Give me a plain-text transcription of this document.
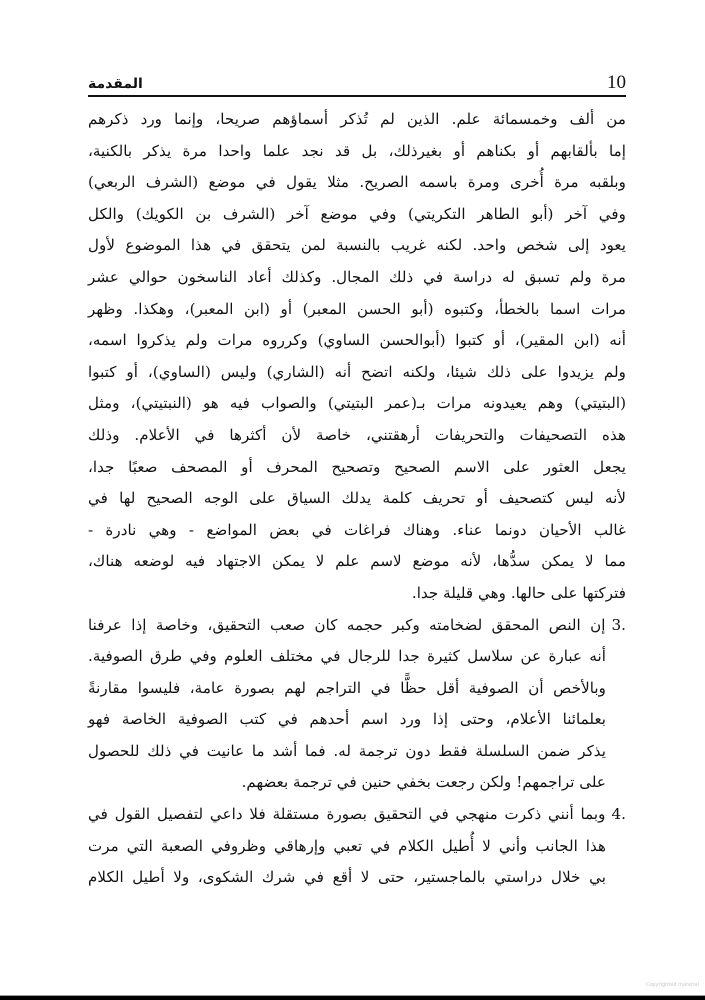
المقدمة	10
من ألف وخمسمائة علم. الذين لم تُذكر أسماؤهم صريحا، وإنما ورد ذكرهم
إما بألقابهم أو بكناهم أو بغيرذلك، بل قد نجد علما واحدا مرة يذكر بالكنية،
وبلقبه مرة أُخرى ومرة باسمه الصريح. مثلا يقول في موضع (الشرف الربعي)
وفي آخر (أبو الطاهر التكريتي) وفي موضع آخر (الشرف بن الكويك) والكل
يعود إلى شخص واحد. لكنه غريب بالنسبة لمن يتحقق في هذا الموضوع لأول
مرة ولم تسبق له دراسة في ذلك المجال. وكذلك أعاد الناسخون حوالي عشر
مرات اسما بالخطأ، وكتبوه (أبو الحسن المعبر) أو (ابن المعبر)، وهكذا. وظهر
أنه (ابن المقير)، أو كتبوا (أبوالحسن الساوي) وكرروه مرات ولم يذكروا اسمه،
ولم يزيدوا على ذلك شيئا، ولكنه اتضح أنه (الشاري) وليس (الساوي)، أو كتبوا
(البتيتي) وهم يعيدونه مرات بـ(عمر البتيتي) والصواب فيه هو (النبتيتي)، ومثل
هذه التصحيفات والتحريفات أرهقتني، خاصة لأن أكثرها في الأعلام. وذلك
يجعل العثور على الاسم الصحيح وتصحيح المحرف أو المصحف صعبًا جدا،
لأنه ليس كتصحيف أو تحريف كلمة يدلك السياق على الوجه الصحيح لها في
غالب الأحيان دونما عناء. وهناك فراغات في بعض المواضع - وهي نادرة -
مما لا يمكن سدُّها، لأنه موضع لاسم علم لا يمكن الاجتهاد فيه لوضعه هناك،
فتركتها على حالها. وهي قليلة جدا.
3.إن النص المحقق لضخامته وكبر حجمه كان صعب التحقيق، وخاصة إذا عرفنا
أنه عبارة عن سلاسل كثيرة جدا للرجال في مختلف العلوم وفي طرق الصوفية.
وبالأخص أن الصوفية أقل حظًّا في التراجم لهم بصورة عامة، فليسوا مقارنةً
بعلمائنا الأعلام، وحتى إذا ورد اسم أحدهم في كتب الصوفية الخاصة فهو
يذكر ضمن السلسلة فقط دون ترجمة له. فما أشد ما عانيت في ذلك للحصول
على تراجمهم! ولكن رجعت بخفي حنين في ترجمة بعضهم.
4.وبما أنني ذكرت منهجي في التحقيق بصورة مستقلة فلا داعي لتفصيل القول في
هذا الجانب وأني لا أُطيل الكلام في تعبي وإرهاقي وظروفي الصعبة التي مرت
بي خلال دراستي بالماجستير، حتى لا أقع في شرك الشكوى، ولا أطيل الكلام
Copyrighted material
